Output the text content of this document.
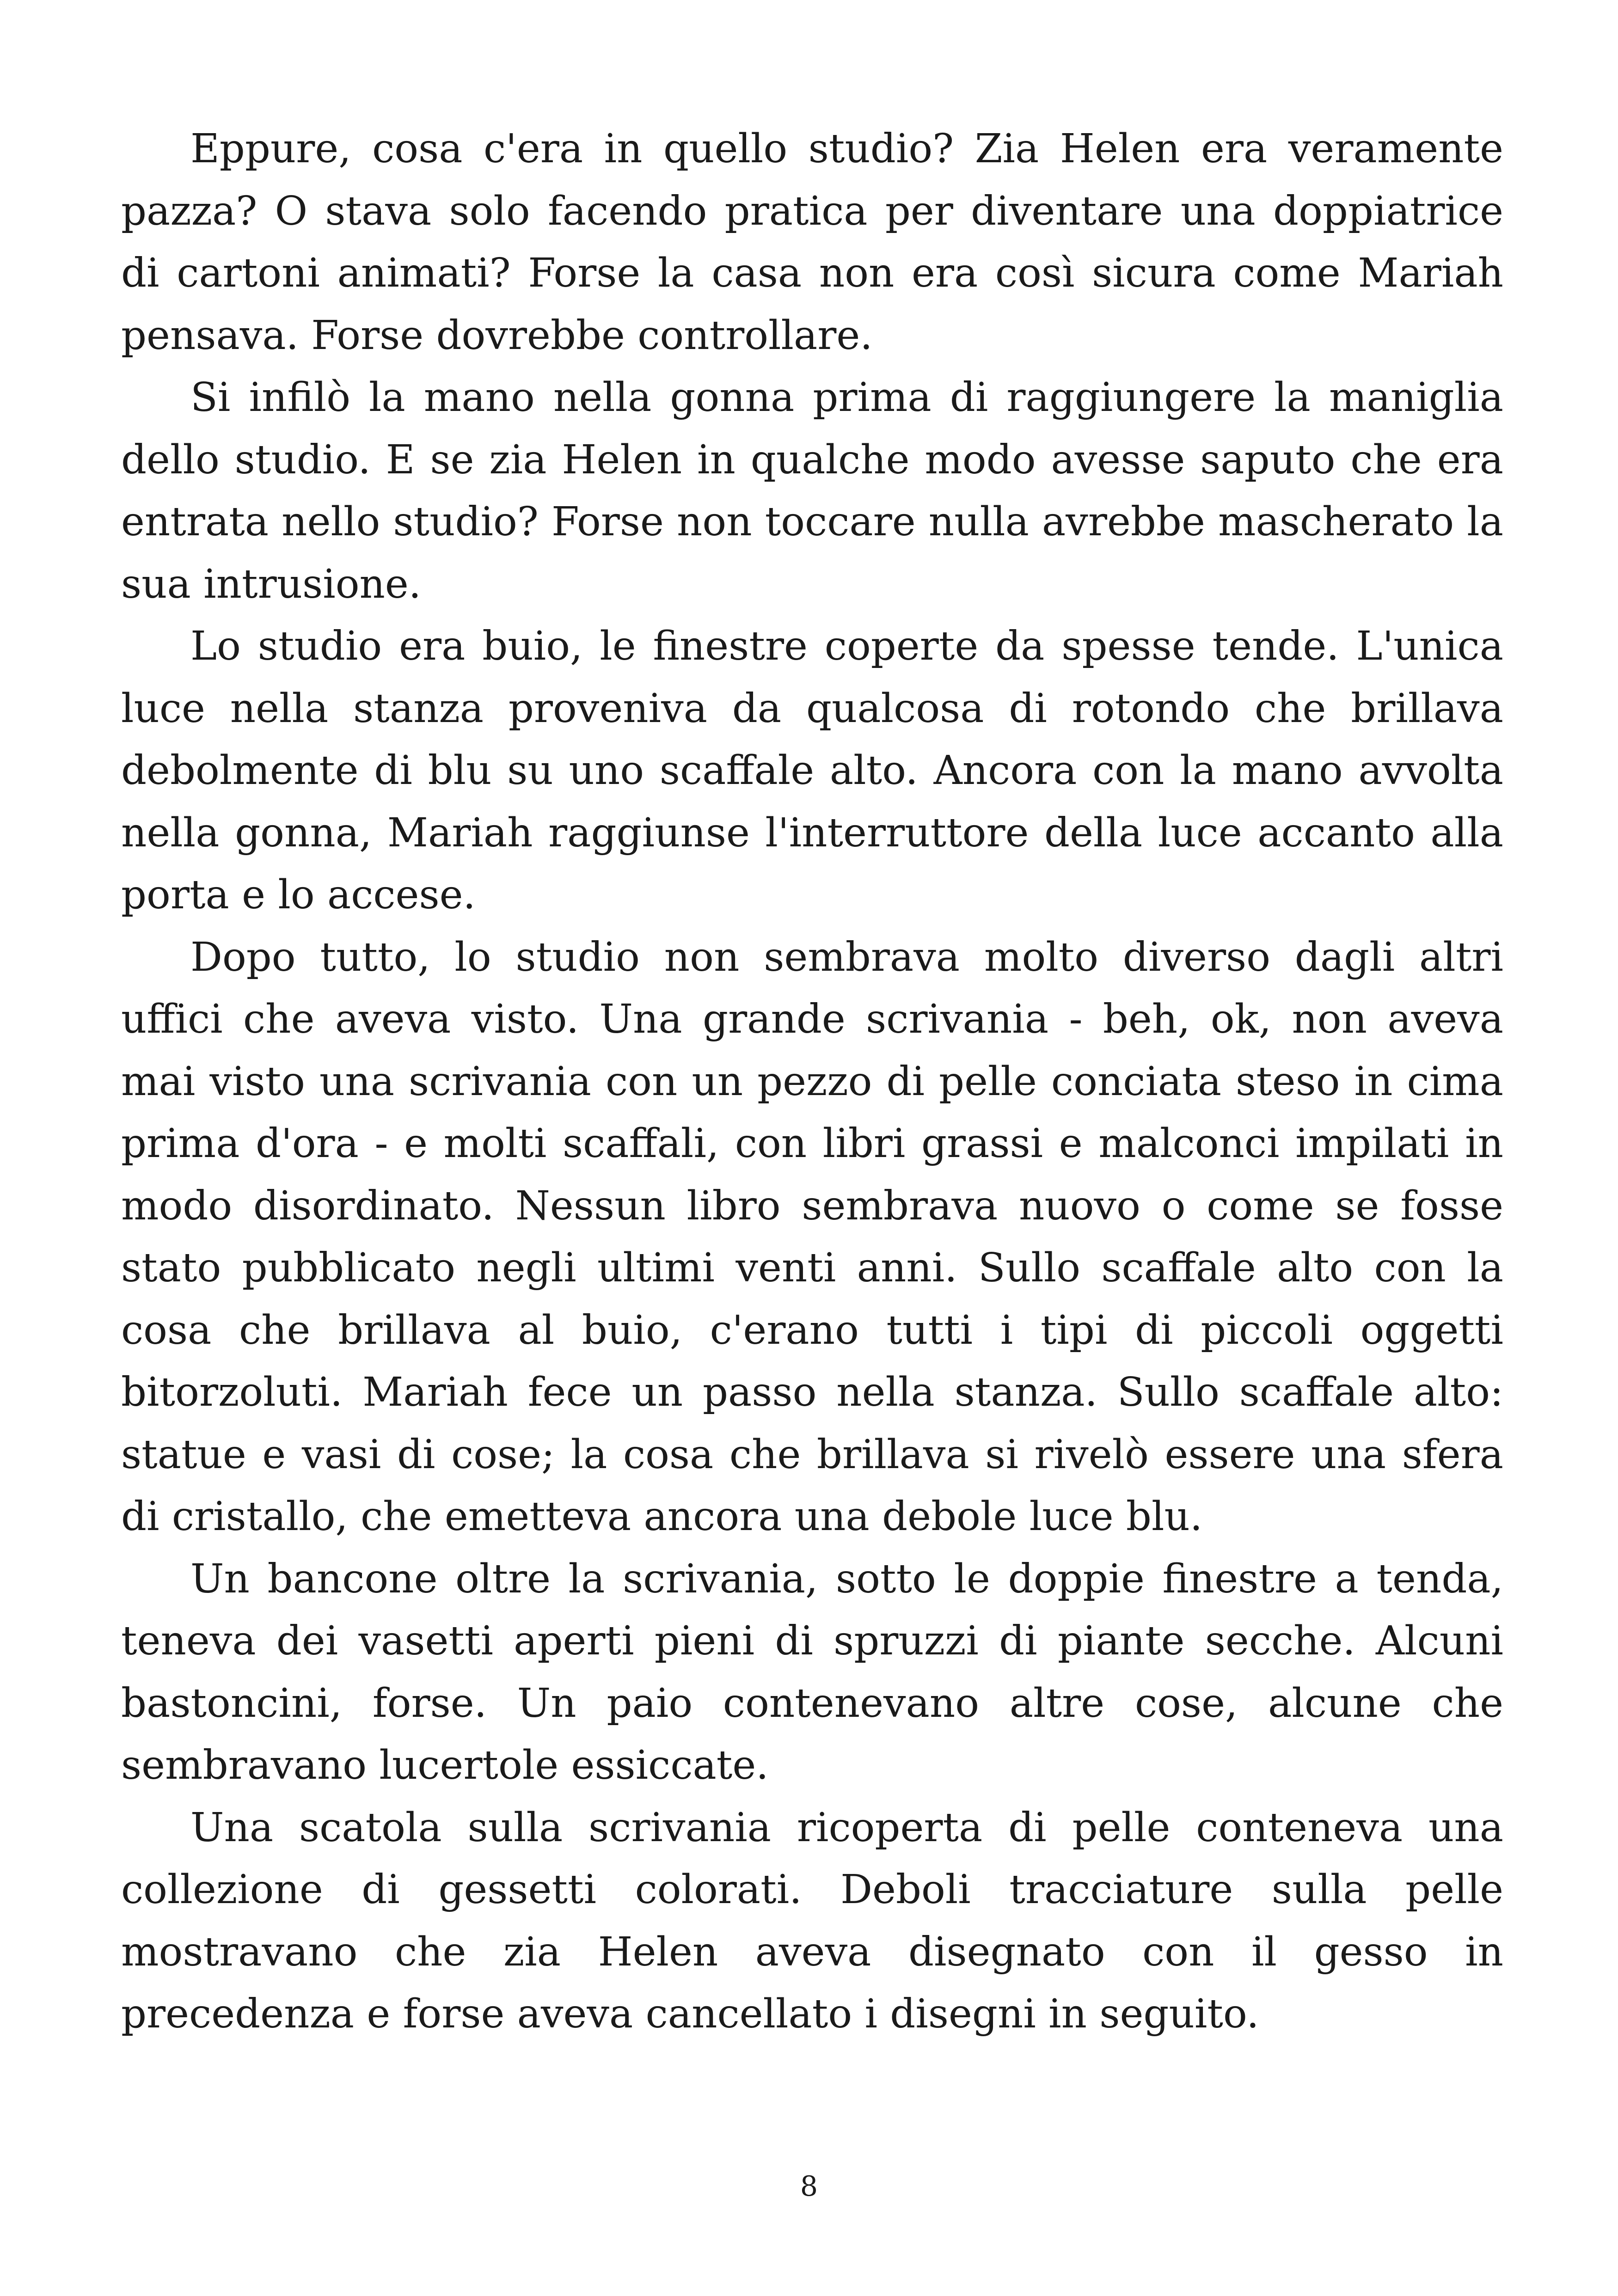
Eppure, cosa c'era in quello studio? Zia Helen era veramente pazza? O stava solo facendo pratica per diventare una doppiatrice di cartoni animati? Forse la casa non era così sicura come Mariah pensava. Forse dovrebbe controllare.

Si infilò la mano nella gonna prima di raggiungere la maniglia dello studio. E se zia Helen in qualche modo avesse saputo che era entrata nello studio? Forse non toccare nulla avrebbe mascherato la sua intrusione.

Lo studio era buio, le finestre coperte da spesse tende. L'unica luce nella stanza proveniva da qualcosa di rotondo che brillava debolmente di blu su uno scaffale alto. Ancora con la mano avvolta nella gonna, Mariah raggiunse l'interruttore della luce accanto alla porta e lo accese.

Dopo tutto, lo studio non sembrava molto diverso dagli altri uffici che aveva visto. Una grande scrivania - beh, ok, non aveva mai visto una scrivania con un pezzo di pelle conciata steso in cima prima d'ora - e molti scaffali, con libri grassi e malconci impilati in modo disordinato. Nessun libro sembrava nuovo o come se fosse stato pubblicato negli ultimi venti anni. Sullo scaffale alto con la cosa che brillava al buio, c'erano tutti i tipi di piccoli oggetti bitorzoluti. Mariah fece un passo nella stanza. Sullo scaffale alto: statue e vasi di cose; la cosa che brillava si rivelò essere una sfera di cristallo, che emetteva ancora una debole luce blu.

Un bancone oltre la scrivania, sotto le doppie finestre a tenda, teneva dei vasetti aperti pieni di spruzzi di piante secche. Alcuni bastoncini, forse. Un paio contenevano altre cose, alcune che sembravano lucertole essiccate.

Una scatola sulla scrivania ricoperta di pelle conteneva una collezione di gessetti colorati. Deboli tracciature sulla pelle mostravano che zia Helen aveva disegnato con il gesso in precedenza e forse aveva cancellato i disegni in seguito.

8
